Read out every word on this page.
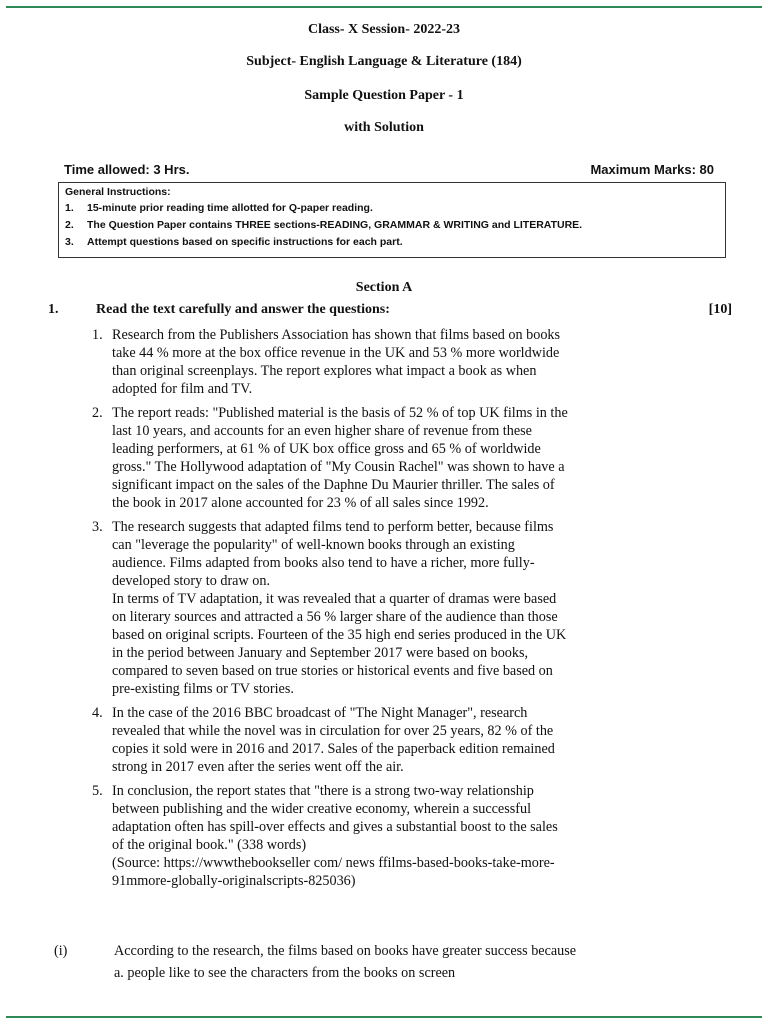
Class- X Session- 2022-23
Subject- English Language & Literature (184)
Sample Question Paper - 1
with Solution
Time allowed: 3 Hrs.	Maximum Marks: 80
General Instructions:
1.	15-minute prior reading time allotted for Q-paper reading.
2.	The Question Paper contains THREE sections-READING, GRAMMAR & WRITING and LITERATURE.
3.	Attempt questions based on specific instructions for each part.
Section A
1.	Read the text carefully and answer the questions:	[10]
1. Research from the Publishers Association has shown that films based on books
take 44 % more at the box office revenue in the UK and 53 % more worldwide
than original screenplays. The report explores what impact a book as when
adopted for film and TV.
2. The report reads: "Published material is the basis of 52 % of top UK films in the
last 10 years, and accounts for an even higher share of revenue from these
leading performers, at 61 % of UK box office gross and 65 % of worldwide
gross." The Hollywood adaptation of "My Cousin Rachel" was shown to have a
significant impact on the sales of the Daphne Du Maurier thriller. The sales of
the book in 2017 alone accounted for 23 % of all sales since 1992.
3. The research suggests that adapted films tend to perform better, because films
can "leverage the popularity" of well-known books through an existing
audience. Films adapted from books also tend to have a richer, more fully-
developed story to draw on.
In terms of TV adaptation, it was revealed that a quarter of dramas were based
on literary sources and attracted a 56 % larger share of the audience than those
based on original scripts. Fourteen of the 35 high end series produced in the UK
in the period between January and September 2017 were based on books,
compared to seven based on true stories or historical events and five based on
pre-existing films or TV stories.
4. In the case of the 2016 BBC broadcast of "The Night Manager", research
revealed that while the novel was in circulation for over 25 years, 82 % of the
copies it sold were in 2016 and 2017. Sales of the paperback edition remained
strong in 2017 even after the series went off the air.
5. In conclusion, the report states that "there is a strong two-way relationship
between publishing and the wider creative economy, wherein a successful
adaptation often has spill-over effects and gives a substantial boost to the sales
of the original book." (338 words)
(Source: https://wwwthebookseller com/ news ffilms-based-books-take-more-
91mmore-globally-originalscripts-825036)
(i)	According to the research, the films based on books have greater success because
a. people like to see the characters from the books on screen
